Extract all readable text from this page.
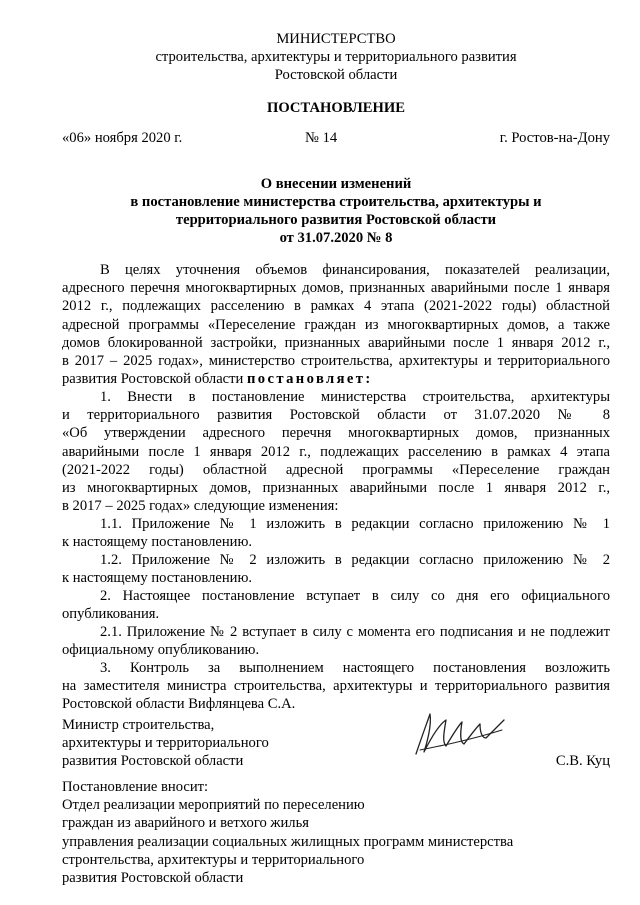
МИНИСТЕРСТВО
строительства, архитектуры и территориального развития
Ростовской области
ПОСТАНОВЛЕНИЕ
«06» ноября 2020 г.	№ 14	г. Ростов-на-Дону
О внесении изменений
в постановление министерства строительства, архитектуры и
территориального развития Ростовской области
от 31.07.2020 № 8
В целях уточнения объемов финансирования, показателей реализации,
адресного перечня многоквартирных домов, признанных аварийными после 1 января
2012 г., подлежащих расселению в рамках 4 этапа (2021-2022 годы) областной
адресной программы «Переселение граждан из многоквартирных домов, а также
домов блокированной застройки, признанных аварийными после 1 января 2012 г.,
в 2017 – 2025 годах», министерство строительства, архитектуры и территориального
развития Ростовской области постановляет:
1. Внести в постановление министерства строительства, архитектуры
и территориального развития Ростовской области от 31.07.2020 № 8
«Об утверждении адресного перечня многоквартирных домов, признанных
аварийными после 1 января 2012 г., подлежащих расселению в рамках 4 этапа
(2021-2022 годы) областной адресной программы «Переселение граждан
из многоквартирных домов, признанных аварийными после 1 января 2012 г.,
в 2017 – 2025 годах» следующие изменения:
1.1. Приложение № 1 изложить в редакции согласно приложению № 1
к настоящему постановлению.
1.2. Приложение № 2 изложить в редакции согласно приложению № 2
к настоящему постановлению.
2. Настоящее постановление вступает в силу со дня его официального
опубликования.
2.1. Приложение № 2 вступает в силу с момента его подписания и не подлежит
официальному опубликованию.
3. Контроль за выполнением настоящего постановления возложить
на заместителя министра строительства, архитектуры и территориального развития
Ростовской области Вифлянцева С.А.
Министр строительства,
архитектуры и территориального
развития Ростовской области	С.В. Куц
Постановление вносит:
Отдел реализации мероприятий по переселению
граждан из аварийного и ветхого жилья
управления реализации социальных жилищных программ министерства
стронтельства, архитектуры и территориального
развития Ростовской области
